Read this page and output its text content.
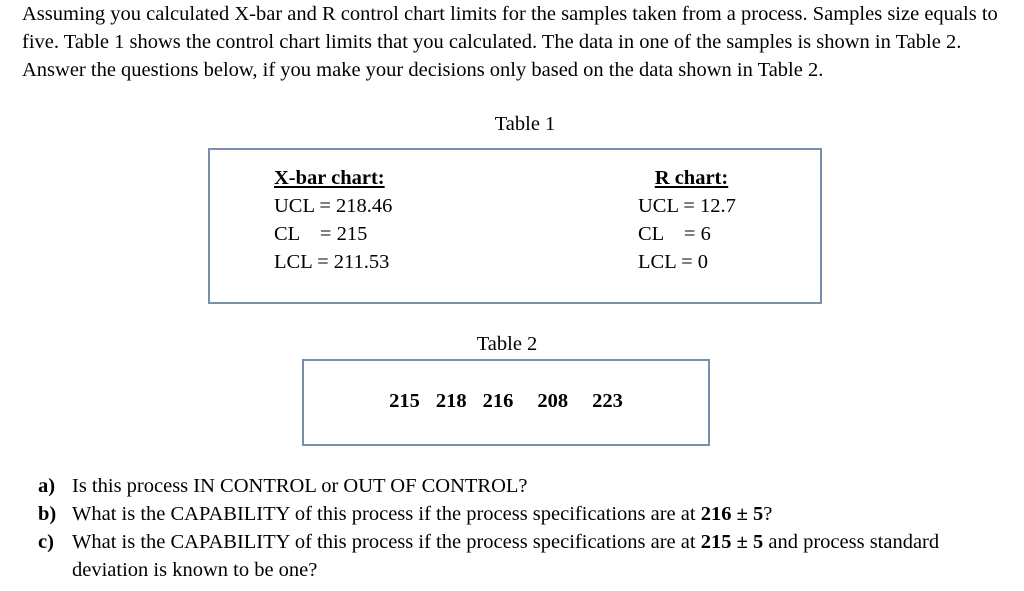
Assuming you calculated X-bar and R control chart limits for the samples taken from a process. Samples size equals to five. Table 1 shows the control chart limits that you calculated. The data in one of the samples is shown in Table 2. Answer the questions below, if you make your decisions only based on the data shown in Table 2.

Table 1
X-bar chart:
UCL = 218.46
CL    = 215
LCL = 211.53
R chart:
UCL = 12.7
CL    = 6
LCL = 0
Table 2
215 218 216 208 223
a) Is this process IN CONTROL or OUT OF CONTROL?
b) What is the CAPABILITY of this process if the process specifications are at 216 ± 5?
c) What is the CAPABILITY of this process if the process specifications are at 215 ± 5 and process standard deviation is known to be one?
